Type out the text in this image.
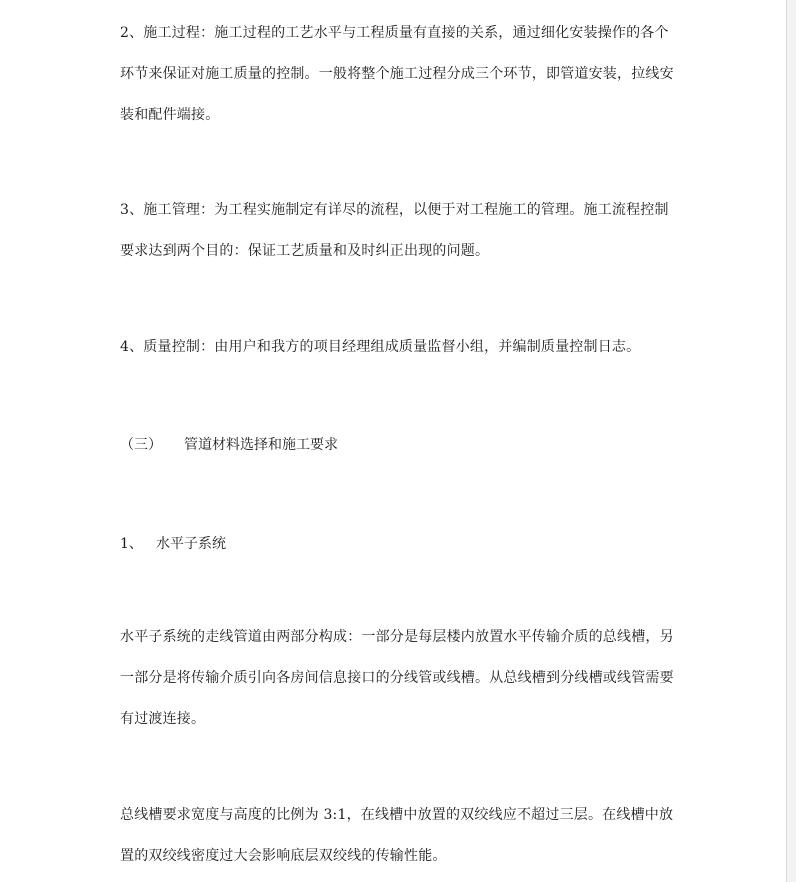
2、施工过程：施工过程的工艺水平与工程质量有直接的关系，通过细化安装操作的各个环节来保证对施工质量的控制。一般将整个施工过程分成三个环节，即管道安装，拉线安装和配件端接。

3、施工管理：为工程实施制定有详尽的流程，以便于对工程施工的管理。施工流程控制要求达到两个目的：保证工艺质量和及时纠正出现的问题。

4、质量控制：由用户和我方的项目经理组成质量监督小组，并编制质量控制日志。

（三） 管道材料选择和施工要求
1、 水平子系统

水平子系统的走线管道由两部分构成：一部分是每层楼内放置水平传输介质的总线槽，另一部分是将传输介质引向各房间信息接口的分线管或线槽。从总线槽到分线槽或线管需要有过渡连接。

总线槽要求宽度与高度的比例为 3:1，在线槽中放置的双绞线应不超过三层。在线槽中放置的双绞线密度过大会影响底层双绞线的传输性能。
